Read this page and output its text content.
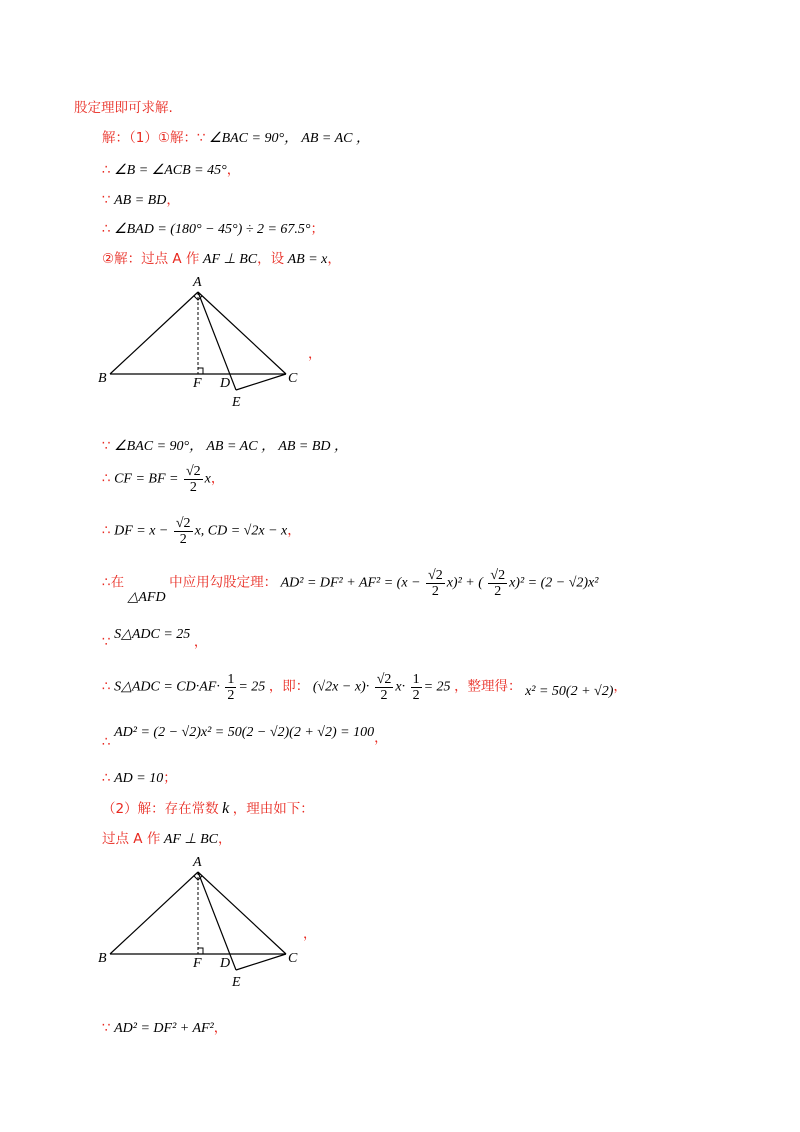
股定理即可求解.
解：（1）①解：∵ ∠BAC = 90°， AB = AC ，
∴ ∠B = ∠ACB = 45°，
∵ AB = BD，
∴ ∠BAD = (180° − 45°) ÷ 2 = 67.5°；
②解：过点 A 作 AF ⊥ BC，设 AB = x，
A
B	C
D
E
F
，
∵ ∠BAC = 90°， AB = AC ， AB = BD ，
∴ CF = BF = $\frac{√2}{2}$ x，
∴ DF = $x - \frac{√2}{2} x$, CD = √2x − x，
∴在 △AFD 中应用勾股定理： $AD^2 = DF^2 + AF^2 = (x - \frac{√2}{2} x)^2$ + ( $\frac{√2}{2} x)^2 = (2 - √2)x^2$
∵ S△ADC = 25 ，
∴ S△ADC = $CD\cdot AF\cdot \frac{1}{2} = 25$ ，即： $(√2x - x)\cdot \frac{√2}{2} x\cdot \frac{1}{2} = 25$ ，整理得： x² = 50(2 + √2)，
∴ AD² = (2 − √2)x² = 50(2 − √2)(2 + √2) = 100，
∴ AD = 10；
（2）解：存在常数 k ，理由如下：
过点 A 作 AF ⊥ BC，
A
B	C
D
E
F
，
∵ AD² = DF² + AF²，
